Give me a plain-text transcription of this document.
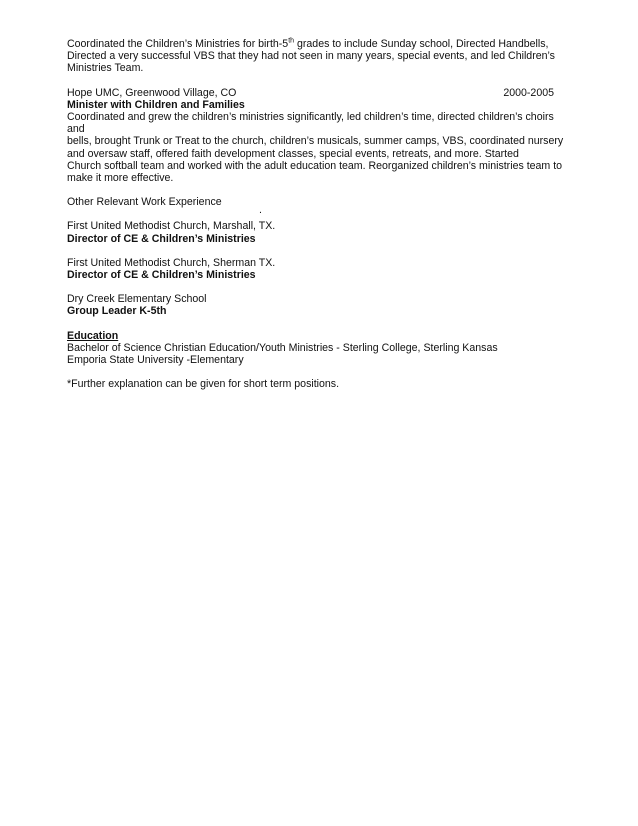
Coordinated the Children’s Ministries for birth-5th grades to include Sunday school, Directed Handbells,

Directed a very successful VBS that they had not seen in many years, special events, and led Children’s

Ministries Team.

Hope UMC, Greenwood Village, CO	2000-2005

Minister with Children and Families

Coordinated and grew the children’s ministries significantly, led children’s time, directed children’s choirs and

bells, brought Trunk or Treat to the church, children’s musicals, summer camps, VBS, coordinated nursery

and oversaw staff, offered faith development classes, special events, retreats, and more. Started

Church softball team and worked with the adult education team. Reorganized children’s ministries team to

make it more effective.

Other Relevant Work Experience

.

First United Methodist Church, Marshall, TX.

Director of CE & Children’s Ministries

First United Methodist Church, Sherman TX.

Director of CE & Children’s Ministries

Dry Creek Elementary School

Group Leader K-5th

Education

Bachelor of Science Christian Education/Youth Ministries - Sterling College, Sterling Kansas

Emporia State University -Elementary

*Further explanation can be given for short term positions.
